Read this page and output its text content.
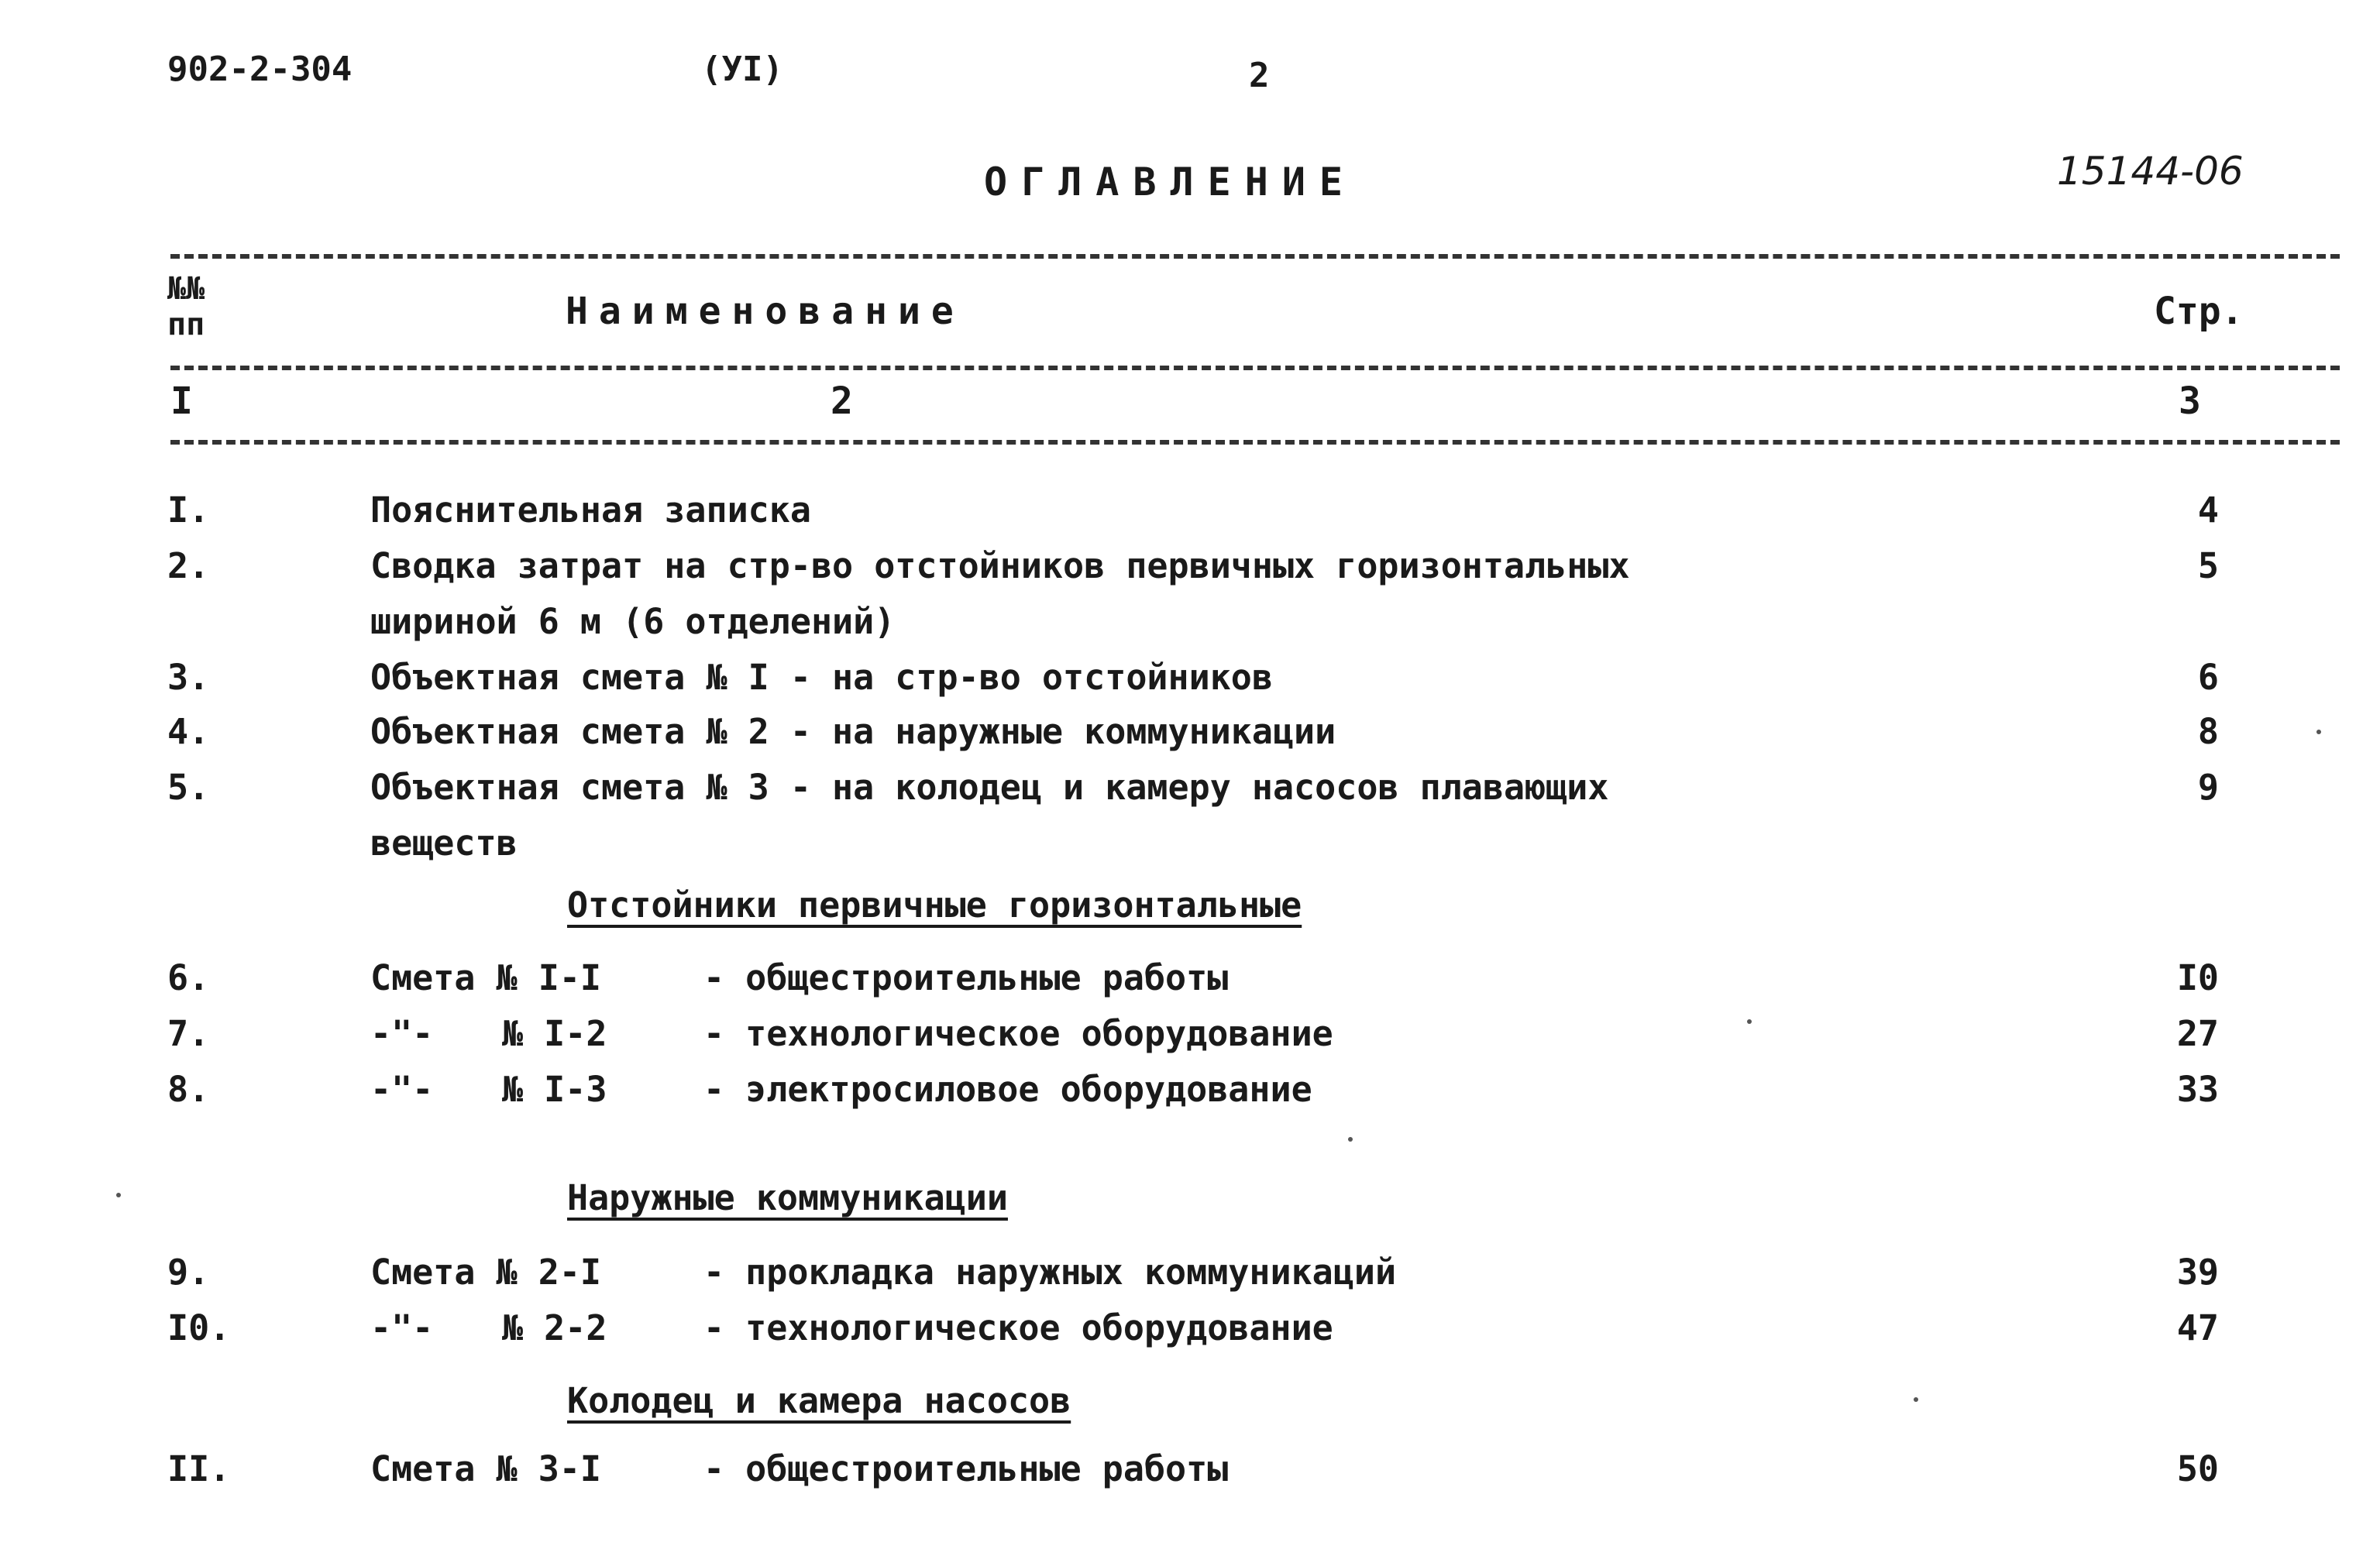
902-2-304	(УI)	2
ОГЛАВЛЕНИЕ	15144-06
№№
пп	Наименование	Стр.
I	2	3
I.	Пояснительная записка	4
2.	Сводка затрат на стр-во отстойников первичных горизонтальных	5
шириной 6 м (6 отделений)
3.	Объектная смета № I - на стр-во отстойников	6
4.	Объектная смета № 2 - на наружные коммуникации	8
5.	Объектная смета № 3 - на колодец и камеру насосов плавающих	9
веществ
Отстойники первичные горизонтальные
6.	Смета № I-I	- общестроительные работы	I0
7.	-"- № I-2	- технологическое оборудование	27
8.	-"- № I-3	- электросиловое оборудование	33
Наружные коммуникации
9.	Смета № 2-I	- прокладка наружных коммуникаций	39
I0.	-"- № 2-2	- технологическое оборудование	47
Колодец и камера насосов
II.	Смета № 3-I	- общестроительные работы	50
